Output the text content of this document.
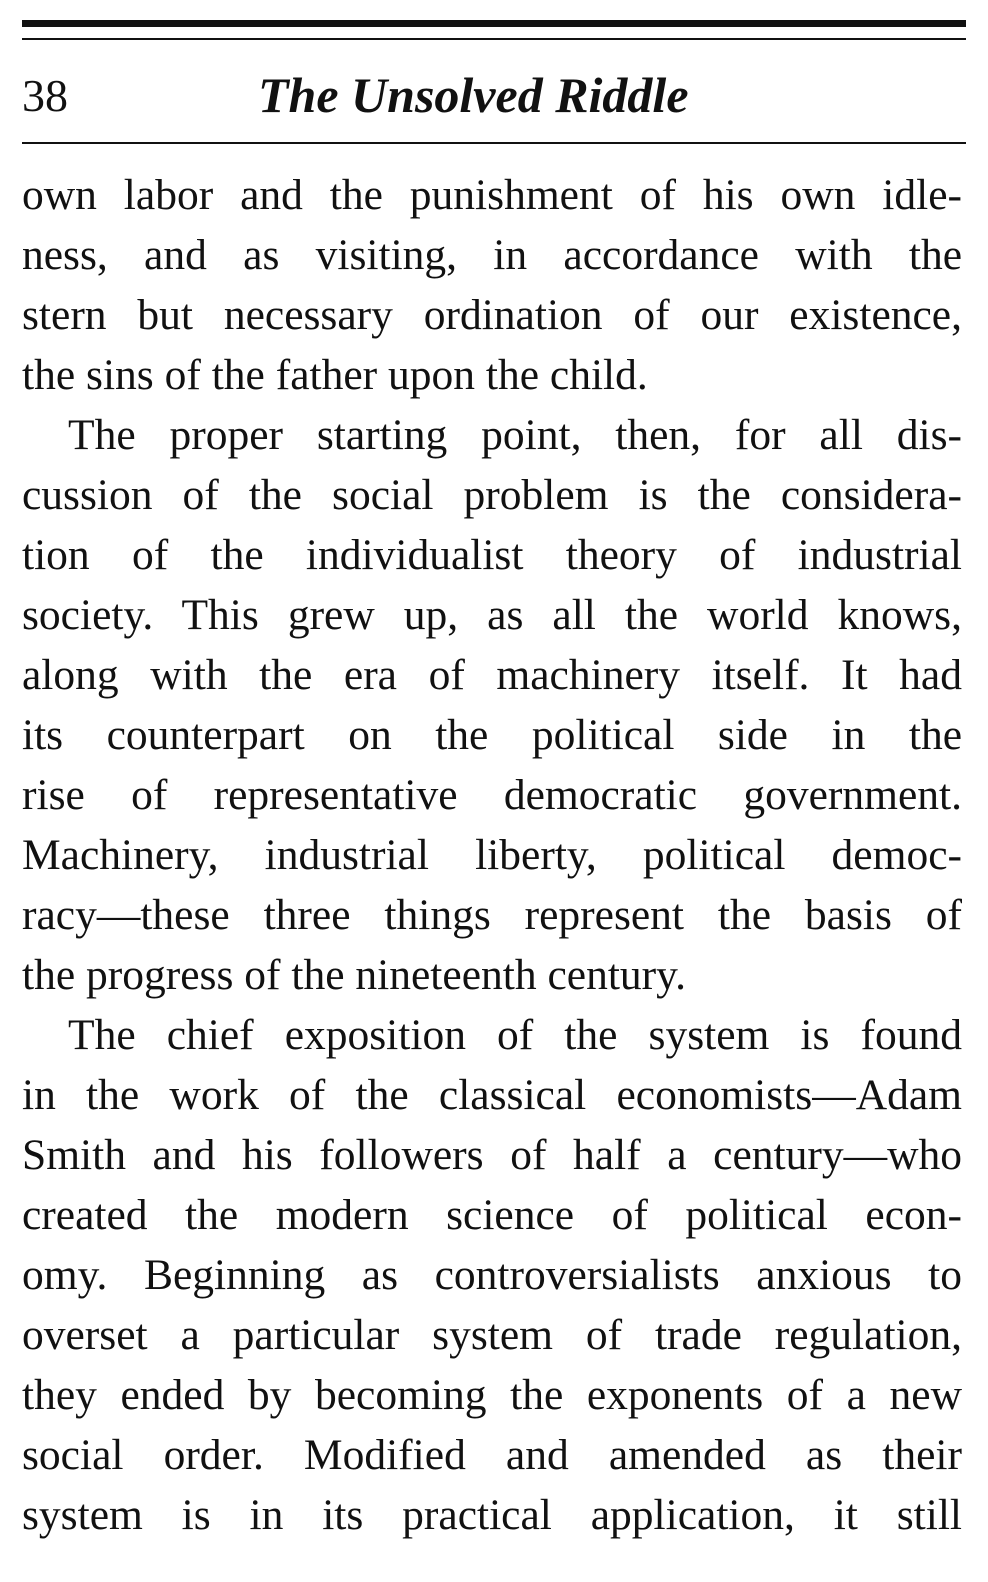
38	The Unsolved Riddle
own labor and the punishment of his own idle-
ness, and as visiting, in accordance with the
stern but necessary ordination of our existence,
the sins of the father upon the child.
The proper starting point, then, for all dis-
cussion of the social problem is the considera-
tion of the individualist theory of industrial
society. This grew up, as all the world knows,
along with the era of machinery itself. It had
its counterpart on the political side in the
rise of representative democratic government.
Machinery, industrial liberty, political democ-
racy—these three things represent the basis of
the progress of the nineteenth century.
The chief exposition of the system is found
in the work of the classical economists—Adam
Smith and his followers of half a century—who
created the modern science of political econ-
omy. Beginning as controversialists anxious to
overset a particular system of trade regulation,
they ended by becoming the exponents of a new
social order. Modified and amended as their
system is in its practical application, it still
